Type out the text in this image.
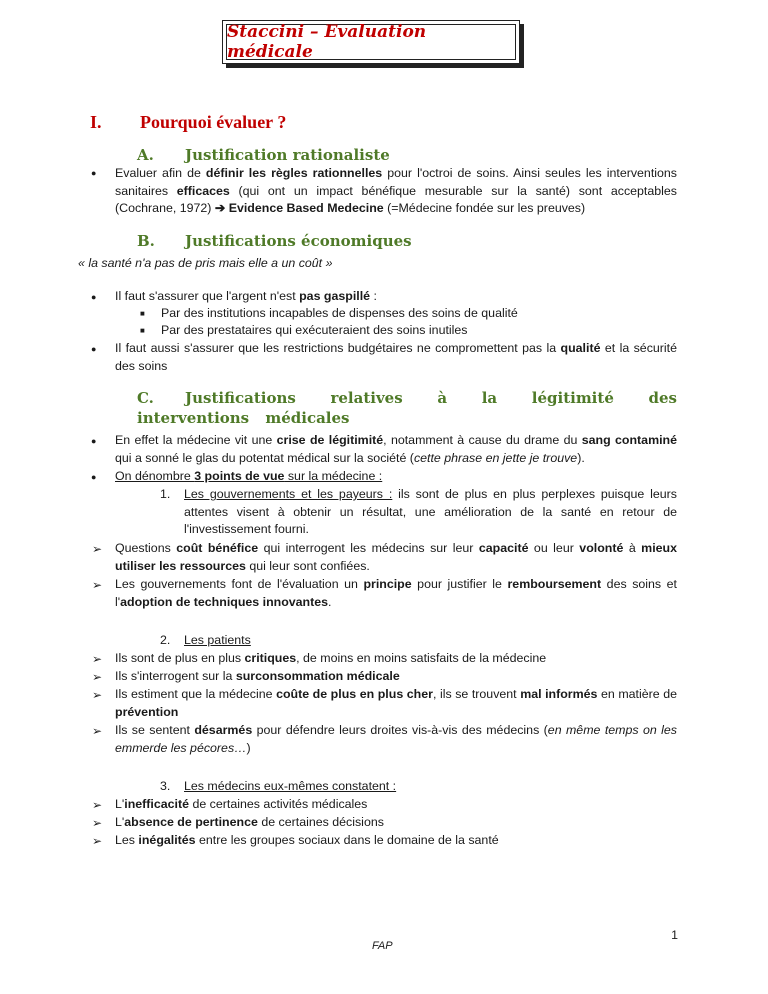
Staccini – Evaluation médicale
I. Pourquoi évaluer ?
A. Justification rationaliste
●	Evaluer afin de définir les règles rationnelles pour l'octroi de soins. Ainsi seules les interventions sanitaires efficaces (qui ont un impact bénéfique mesurable sur la santé) sont acceptables (Cochrane, 1972) ➔ Evidence Based Medecine (=Médecine fondée sur les preuves)
B. Justifications économiques
« la santé n'a pas de pris mais elle a un coût »
●	Il faut s'assurer que l'argent n'est pas gaspillé :
■ Par des institutions incapables de dispenses des soins de qualité
■ Par des prestataires qui exécuteraient des soins inutiles
●	Il faut aussi s'assurer que les restrictions budgétaires ne compromettent pas la qualité et la sécurité des soins
C. Justifications relatives à la légitimité des interventions médicales
●	En effet la médecine vit une crise de légitimité, notamment à cause du drame du sang contaminé qui a sonné le glas du potentat médical sur la société (cette phrase en jette je trouve).
●	On dénombre 3 points de vue sur la médecine :
1.	Les gouvernements et les payeurs : ils sont de plus en plus perplexes puisque leurs attentes visent à obtenir un résultat, une amélioration de la santé en retour de l'investissement fourni.
➢ Questions coût bénéfice qui interrogent les médecins sur leur capacité ou leur volonté à mieux utiliser les ressources qui leur sont confiées.
➢ Les gouvernements font de l'évaluation un principe pour justifier le remboursement des soins et l'adoption de techniques innovantes.
2.	Les patients
➢ Ils sont de plus en plus critiques, de moins en moins satisfaits de la médecine
➢ Ils s'interrogent sur la surconsommation médicale
➢ Ils estiment que la médecine coûte de plus en plus cher, ils se trouvent mal informés en matière de prévention
➢ Ils se sentent désarmés pour défendre leurs droites vis-à-vis des médecins (en même temps on les emmerde les pécores…)
3.	Les médecins eux-mêmes constatent :
➢ L'inefficacité de certaines activités médicales
➢ L'absence de pertinence de certaines décisions
➢ Les inégalités entre les groupes sociaux dans le domaine de la santé
1
FAP
